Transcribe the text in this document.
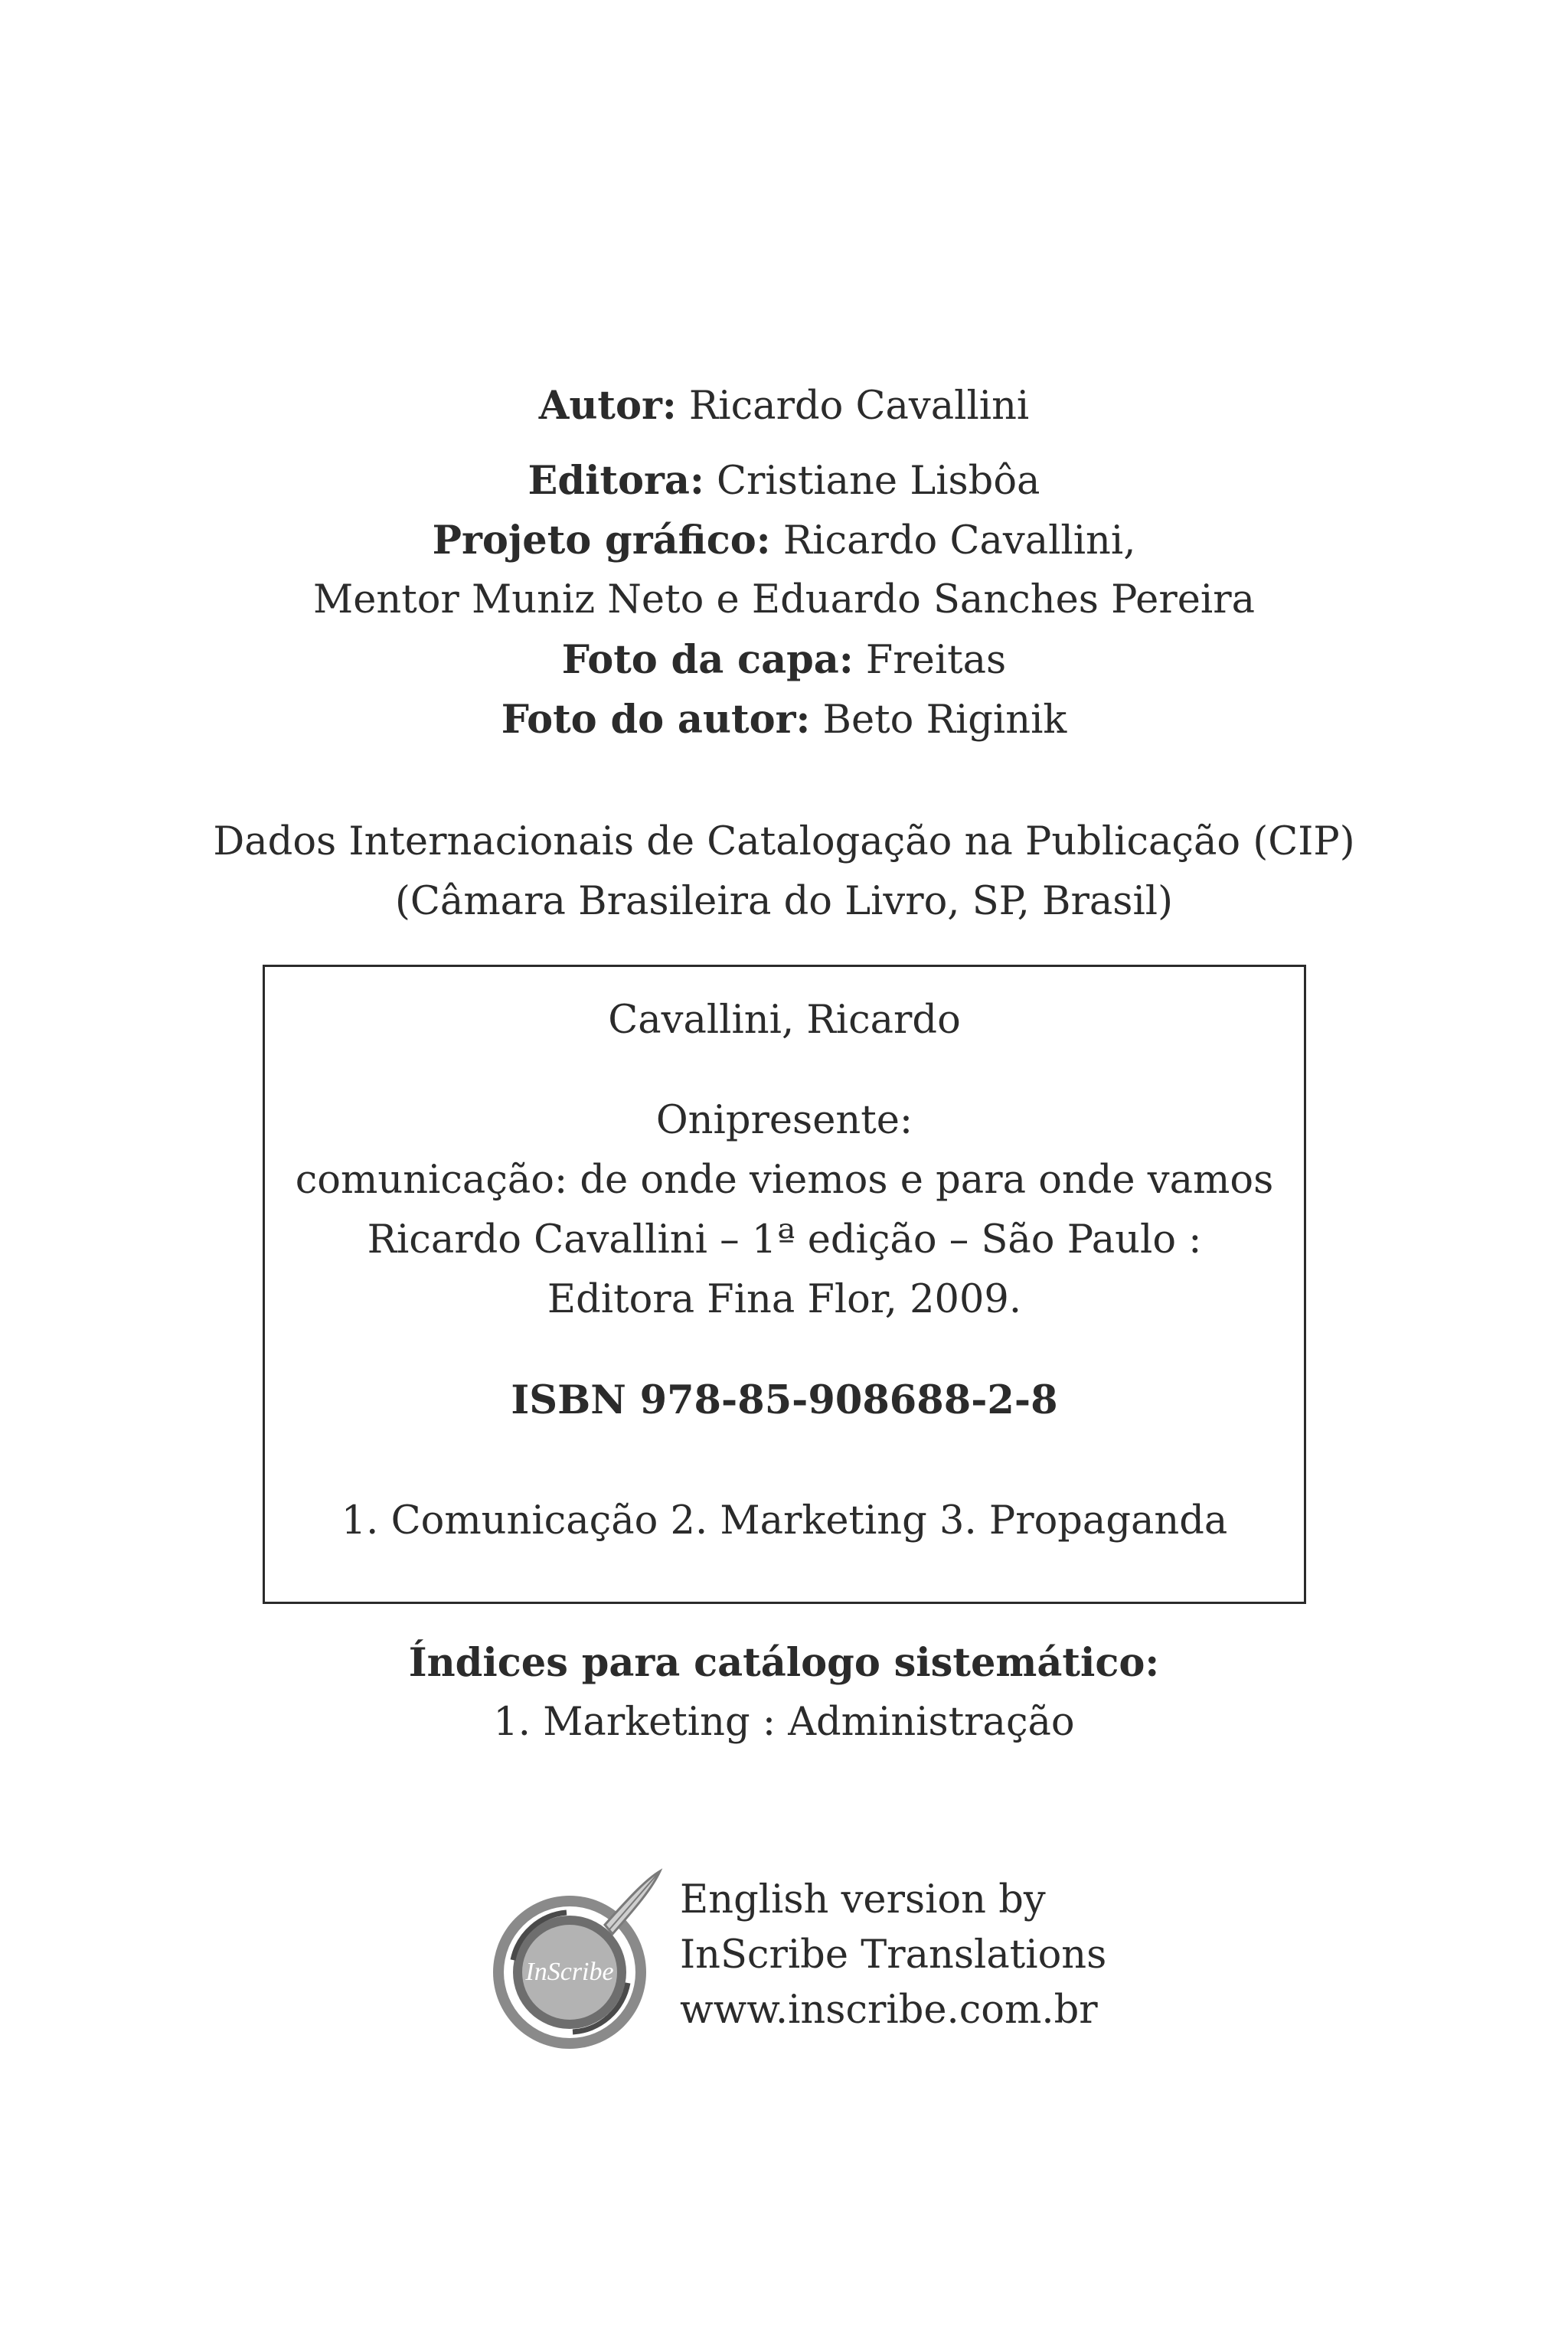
Autor: Ricardo Cavallini
Editora: Cristiane Lisbôa
Projeto gráfico: Ricardo Cavallini,
Mentor Muniz Neto e Eduardo Sanches Pereira
Foto da capa: Freitas
Foto do autor: Beto Riginik
Dados Internacionais de Catalogação na Publicação (CIP)
(Câmara Brasileira do Livro, SP, Brasil)
Cavallini, Ricardo
Onipresente:
comunicação: de onde viemos e para onde vamos
Ricardo Cavallini – 1ª edição – São Paulo :
Editora Fina Flor, 2009.
ISBN 978-85-908688-2-8
1. Comunicação 2. Marketing 3. Propaganda
Índices para catálogo sistemático:
1. Marketing : Administração
InScribe
English version by
InScribe Translations
www.inscribe.com.br
